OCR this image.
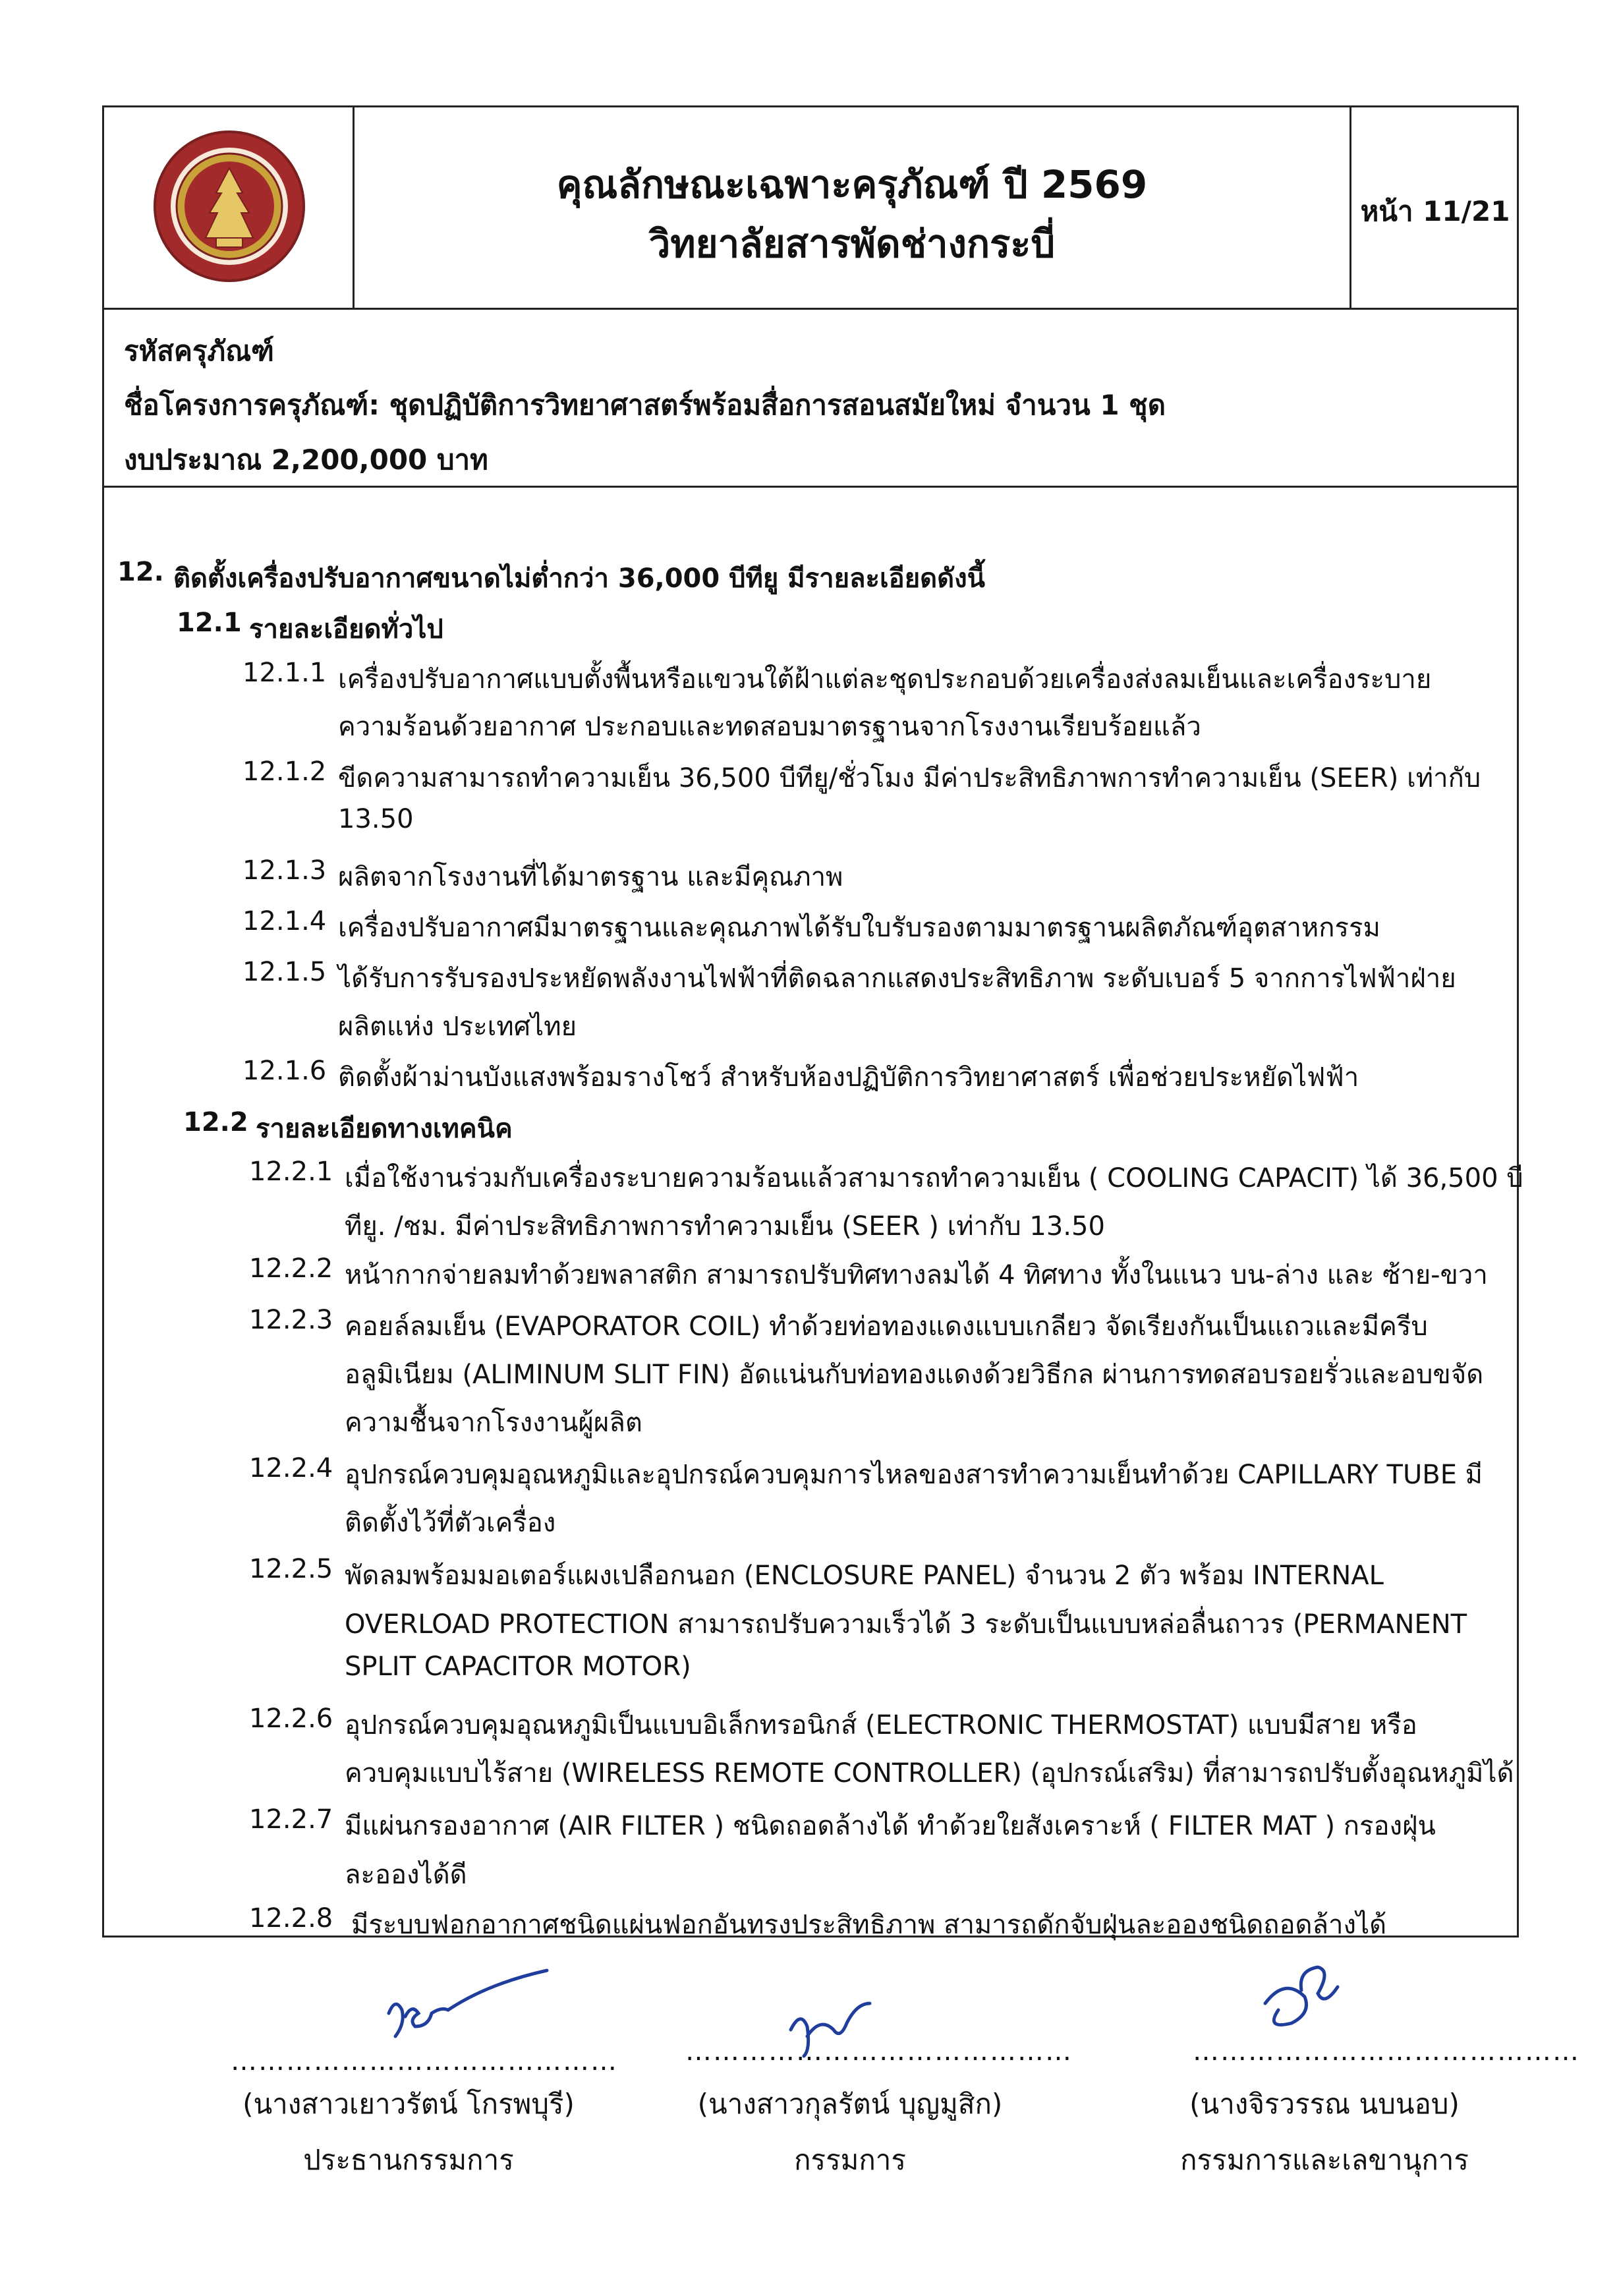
คุณลักษณะเฉพาะครุภัณฑ์ ปี 2569
วิทยาลัยสารพัดช่างกระบี่
หน้า 11/21
รหัสครุภัณฑ์
ชื่อโครงการครุภัณฑ์: ชุดปฏิบัติการวิทยาศาสตร์พร้อมสื่อการสอนสมัยใหม่ จำนวน 1 ชุด
งบประมาณ 2,200,000 บาท
12. ติดตั้งเครื่องปรับอากาศขนาดไม่ต่ำกว่า 36,000 บีทียู มีรายละเอียดดังนี้
12.1 รายละเอียดทั่วไป
12.1.1 เครื่องปรับอากาศแบบตั้งพื้นหรือแขวนใต้ฝ้าแต่ละชุดประกอบด้วยเครื่องส่งลมเย็นและเครื่องระบาย
ความร้อนด้วยอากาศ ประกอบและทดสอบมาตรฐานจากโรงงานเรียบร้อยแล้ว
12.1.2 ขีดความสามารถทำความเย็น 36,500 บีทียู/ชั่วโมง มีค่าประสิทธิภาพการทำความเย็น (SEER) เท่ากับ
13.50
12.1.3 ผลิตจากโรงงานที่ได้มาตรฐาน และมีคุณภาพ
12.1.4 เครื่องปรับอากาศมีมาตรฐานและคุณภาพได้รับใบรับรองตามมาตรฐานผลิตภัณฑ์อุตสาหกรรม
12.1.5 ได้รับการรับรองประหยัดพลังงานไฟฟ้าที่ติดฉลากแสดงประสิทธิภาพ ระดับเบอร์ 5 จากการไฟฟ้าฝ่าย
ผลิตแห่ง ประเทศไทย
12.1.6 ติดตั้งผ้าม่านบังแสงพร้อมรางโชว์ สำหรับห้องปฏิบัติการวิทยาศาสตร์ เพื่อช่วยประหยัดไฟฟ้า
12.2 รายละเอียดทางเทคนิค
12.2.1 เมื่อใช้งานร่วมกับเครื่องระบายความร้อนแล้วสามารถทำความเย็น ( COOLING CAPACIT) ได้ 36,500 บี
ทียู. /ชม. มีค่าประสิทธิภาพการทำความเย็น (SEER ) เท่ากับ 13.50
12.2.2 หน้ากากจ่ายลมทำด้วยพลาสติก สามารถปรับทิศทางลมได้ 4 ทิศทาง ทั้งในแนว บน-ล่าง และ ซ้าย-ขวา
12.2.3 คอยล์ลมเย็น (EVAPORATOR COIL) ทำด้วยท่อทองแดงแบบเกลียว จัดเรียงกันเป็นแถวและมีครีบ
อลูมิเนียม (ALIMINUM SLIT FIN) อัดแน่นกับท่อทองแดงด้วยวิธีกล ผ่านการทดสอบรอยรั่วและอบขจัด
ความชื้นจากโรงงานผู้ผลิต
12.2.4 อุปกรณ์ควบคุมอุณหภูมิและอุปกรณ์ควบคุมการไหลของสารทำความเย็นทำด้วย CAPILLARY TUBE มี
ติดตั้งไว้ที่ตัวเครื่อง
12.2.5 พัดลมพร้อมมอเตอร์แผงเปลือกนอก (ENCLOSURE PANEL) จำนวน 2 ตัว พร้อม INTERNAL
OVERLOAD PROTECTION สามารถปรับความเร็วได้ 3 ระดับเป็นแบบหล่อลื่นถาวร (PERMANENT
SPLIT CAPACITOR MOTOR)
12.2.6 อุปกรณ์ควบคุมอุณหภูมิเป็นแบบอิเล็กทรอนิกส์ (ELECTRONIC THERMOSTAT) แบบมีสาย หรือ
ควบคุมแบบไร้สาย (WIRELESS REMOTE CONTROLLER) (อุปกรณ์เสริม) ที่สามารถปรับตั้งอุณหภูมิได้
12.2.7 มีแผ่นกรองอากาศ (AIR FILTER ) ชนิดถอดล้างได้ ทำด้วยใยสังเคราะห์ ( FILTER MAT ) กรองฝุ่น
ละอองได้ดี
12.2.8 มีระบบฟอกอากาศชนิดแผ่นฟอกอันทรงประสิทธิภาพ สามารถดักจับฝุ่นละอองชนิดถอดล้างได้
……………………………………
(นางสาวเยาวรัตน์ โกรพบุรี)
ประธานกรรมการ
……………………………………
(นางสาวกุลรัตน์ บุญมูสิก)
กรรมการ
……………………………………
(นางจิรวรรณ นบนอบ)
กรรมการและเลขานุการ
